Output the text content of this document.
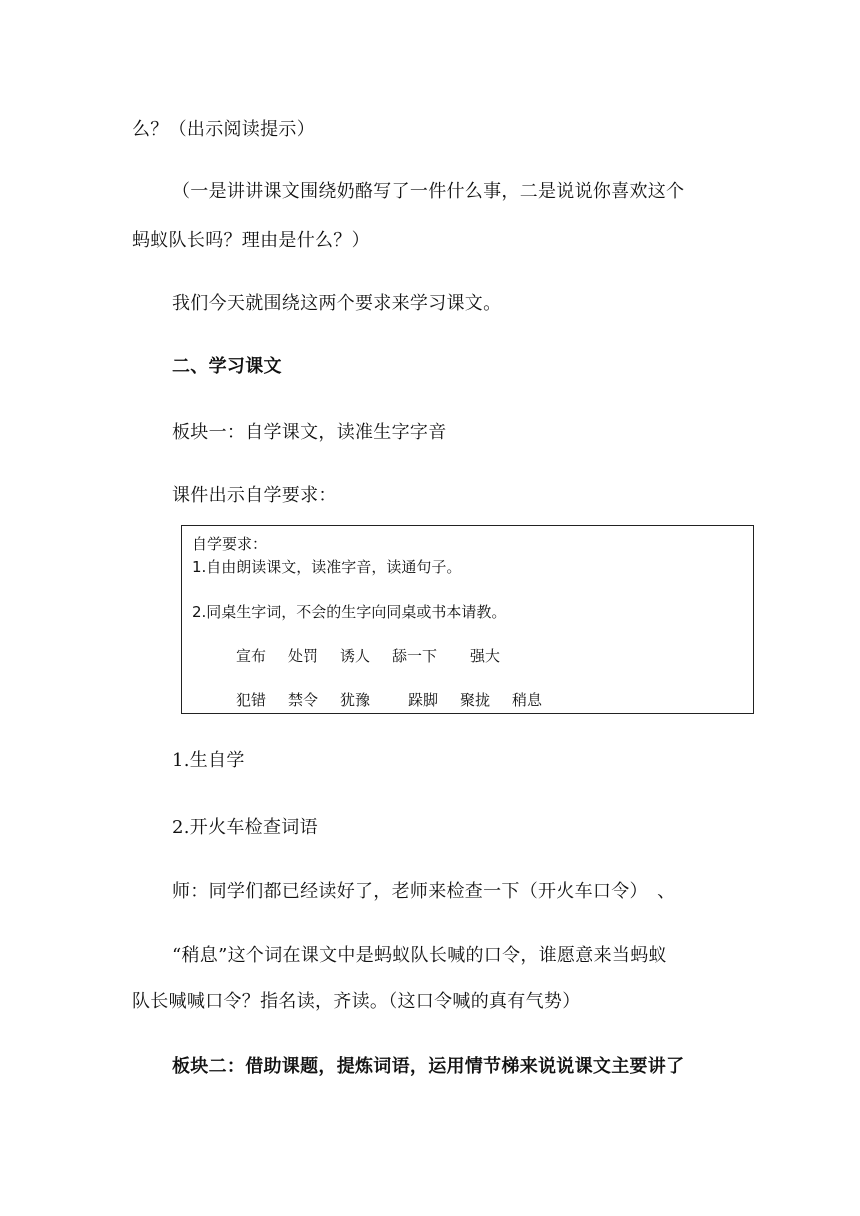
么？（出示阅读提示）
（一是讲讲课文围绕奶酪写了一件什么事，二是说说你喜欢这个
蚂蚁队长吗？理由是什么？）
我们今天就围绕这两个要求来学习课文。
二、学习课文
板块一：自学课文，读准生字字音
课件出示自学要求：
自学要求：
1.自由朗读课文，读准字音，读通句子。
2.同桌生字词，不会的生字向同桌或书本请教。
宣布 处罚 诱人 舔一下 强大
犯错 禁令 犹豫	跺脚 聚拢 稍息
1.生自学
2.开火车检查词语
师：同学们都已经读好了，老师来检查一下（开火车口令）　、
“稍息”这个词在课文中是蚂蚁队长喊的口令，谁愿意来当蚂蚁
队长喊喊口令？指名读，齐读。（这口令喊的真有气势）
板块二：借助课题，提炼词语，运用情节梯来说说课文主要讲了
